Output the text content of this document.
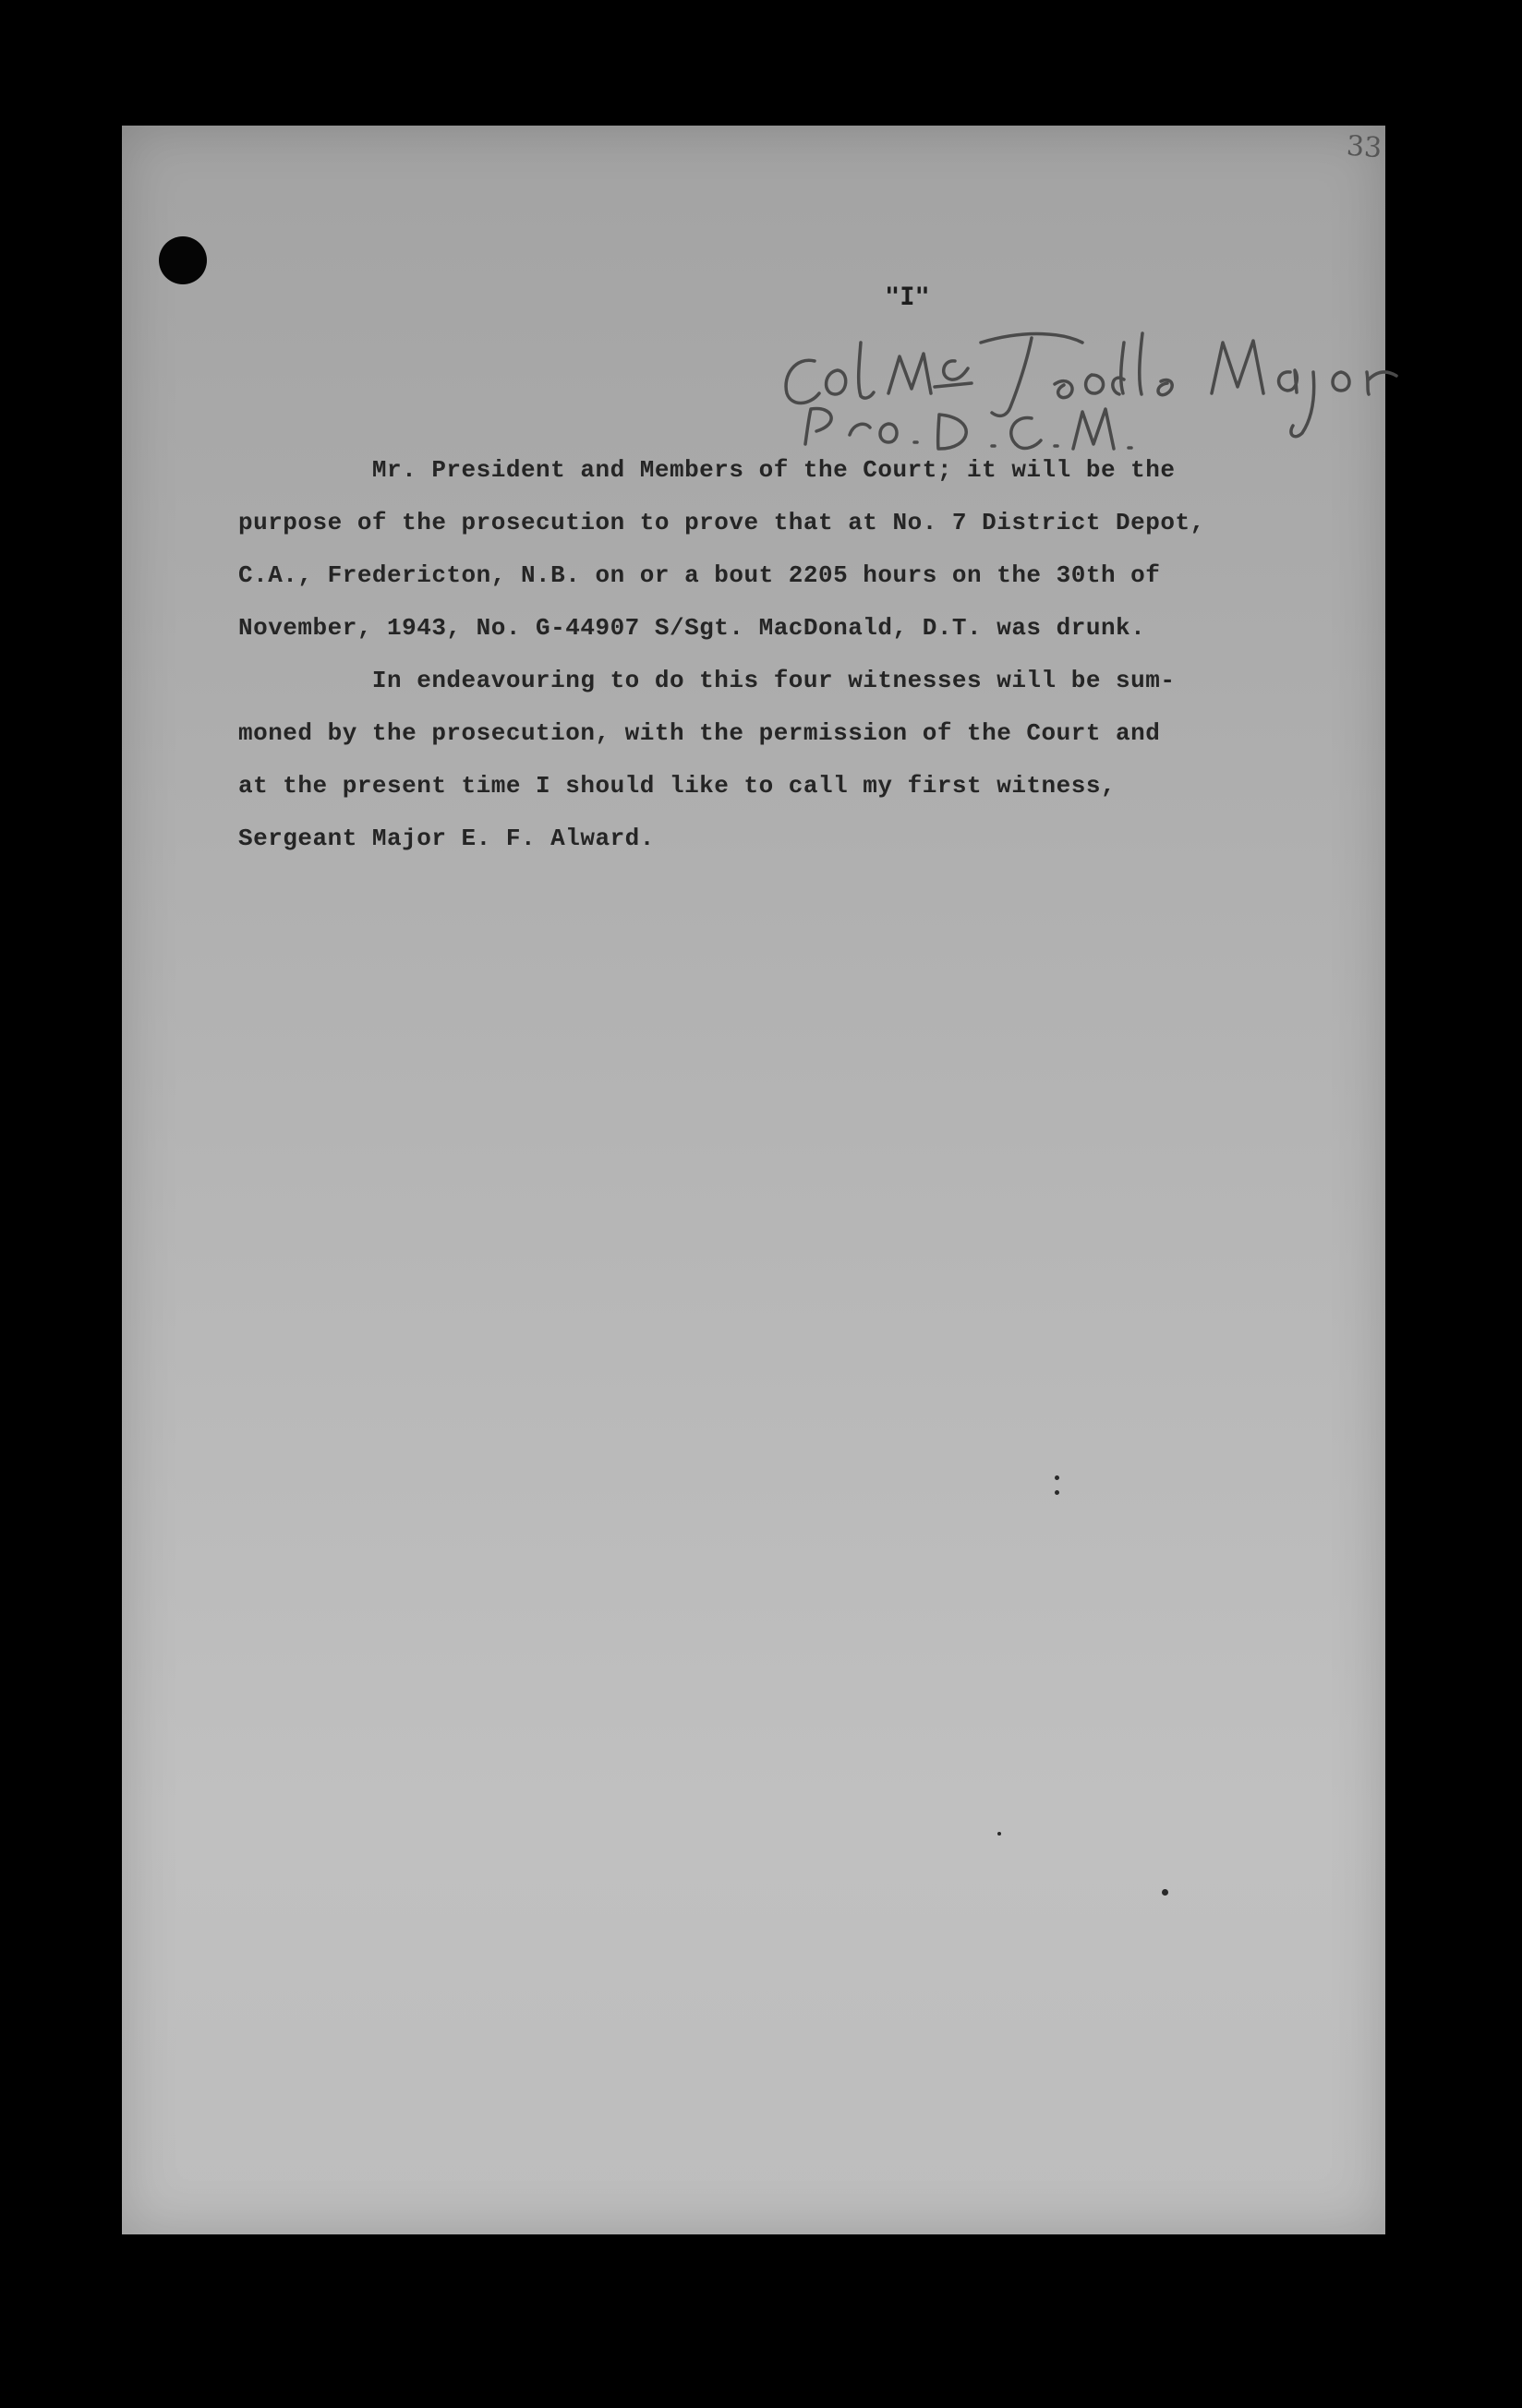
33
"I"
Mr. President and Members of the Court; it will be the
purpose of the prosecution to prove that at No. 7 District Depot,
C.A., Fredericton, N.B. on or a bout 2205 hours on the 30th of
November, 1943, No. G-44907 S/Sgt. MacDonald, D.T. was drunk.
In endeavouring to do this four witnesses will be sum-
moned by the prosecution, with the permission of the Court and
at the present time I should like to call my first witness,
Sergeant Major E. F. Alward.
